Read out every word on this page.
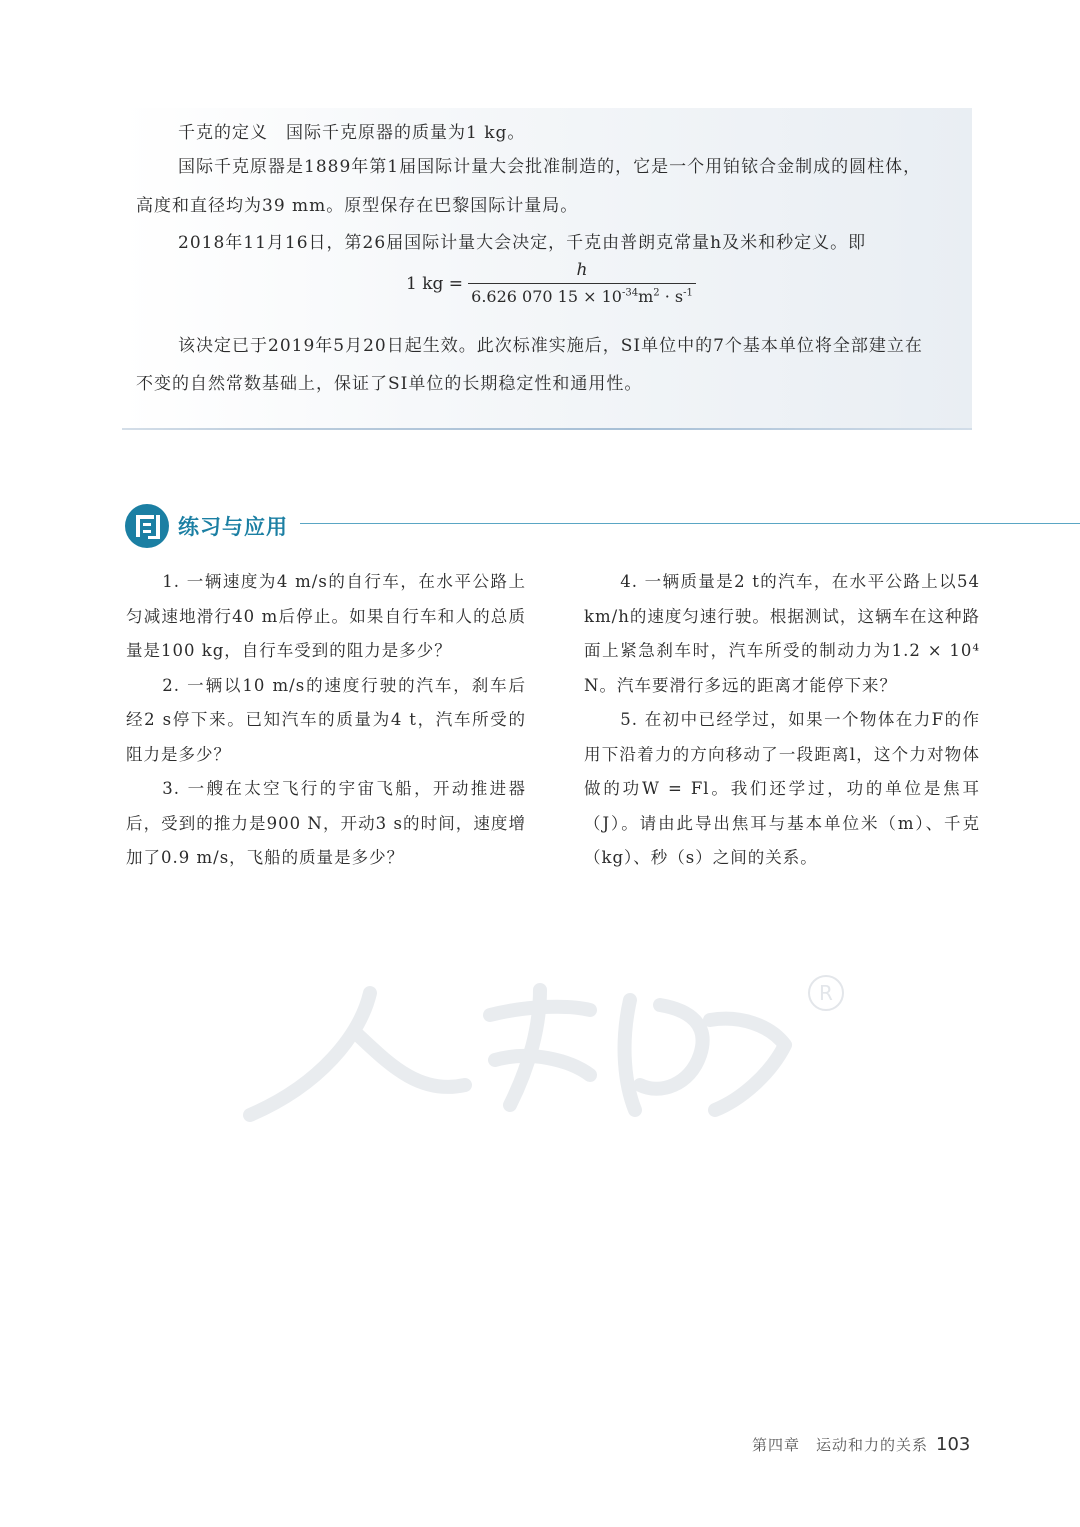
千克的定义 国际千克原器的质量为1 kg。
国际千克原器是1889年第1届国际计量大会批准制造的，它是一个用铂铱合金制成的圆柱体，
高度和直径均为39 mm。原型保存在巴黎国际计量局。
2018年11月16日，第26届国际计量大会决定，千克由普朗克常量h及米和秒定义。即
1 kg =
h
6.626 070 $15 \times 10^{-34}m^2 \cdot s^{-1}$
该决定已于2019年5月20日起生效。此次标准实施后，SI单位中的7个基本单位将全部建立在
不变的自然常数基础上，保证了SI单位的长期稳定性和通用性。
练习与应用

1. 一辆速度为4 m/s的自行车，在水平公路上匀减速地滑行40 m后停止。如果自行车和人的总质量是100 kg，自行车受到的阻力是多少？

2. 一辆以10 m/s的速度行驶的汽车，刹车后经2 s停下来。已知汽车的质量为4 t，汽车所受的阻力是多少？

3. 一艘在太空飞行的宇宙飞船，开动推进器后，受到的推力是900 N，开动3 s的时间，速度增加了0.9 m/s，飞船的质量是多少？

4. 一辆质量是2 t的汽车，在水平公路上以54 km/h的速度匀速行驶。根据测试，这辆车在这种路面上紧急刹车时，汽车所受的制动力为1.2 × 10⁴ N。汽车要滑行多远的距离才能停下来？

5. 在初中已经学过，如果一个物体在力F的作用下沿着力的方向移动了一段距离l，这个力对物体做的功W = Fl。我们还学过，功的单位是焦耳（J）。请由此导出焦耳与基本单位米（m）、千克（kg）、秒（s）之间的关系。

R
第四章　运动和力的关系 103
